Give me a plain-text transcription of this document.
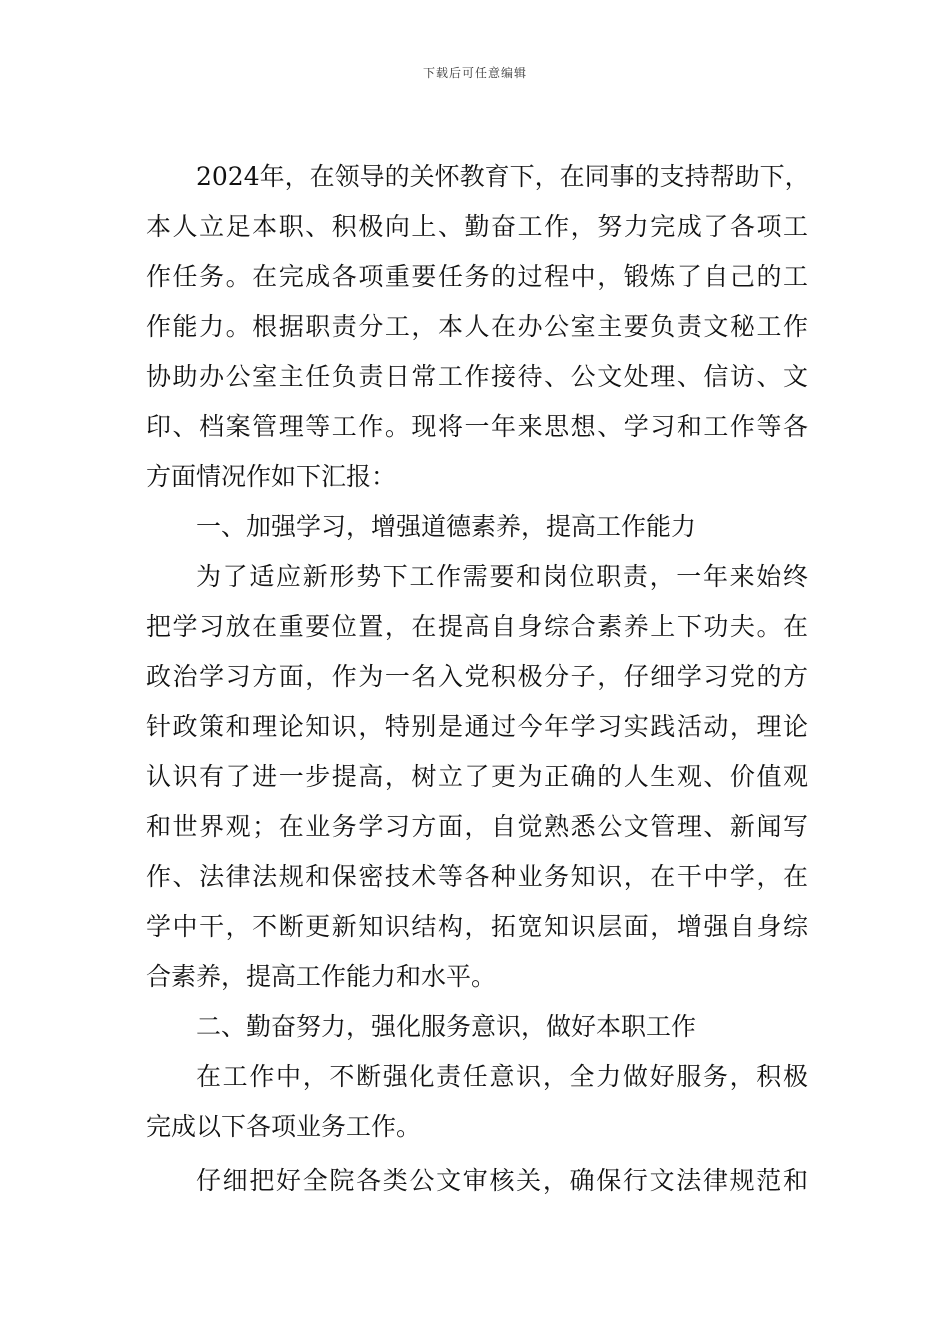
下载后可任意编辑
2024年，在领导的关怀教育下，在同事的支持帮助下，
本人立足本职、积极向上、勤奋工作，努力完成了各项工
作任务。在完成各项重要任务的过程中，锻炼了自己的工
作能力。根据职责分工，本人在办公室主要负责文秘工作
协助办公室主任负责日常工作接待、公文处理、信访、文
印、档案管理等工作。现将一年来思想、学习和工作等各
方面情况作如下汇报：
一、加强学习，增强道德素养，提高工作能力
为了适应新形势下工作需要和岗位职责，一年来始终
把学习放在重要位置，在提高自身综合素养上下功夫。在
政治学习方面，作为一名入党积极分子，仔细学习党的方
针政策和理论知识，特别是通过今年学习实践活动，理论
认识有了进一步提高，树立了更为正确的人生观、价值观
和世界观；在业务学习方面，自觉熟悉公文管理、新闻写
作、法律法规和保密技术等各种业务知识，在干中学，在
学中干，不断更新知识结构，拓宽知识层面，增强自身综
合素养，提高工作能力和水平。
二、勤奋努力，强化服务意识，做好本职工作
在工作中，不断强化责任意识，全力做好服务，积极
完成以下各项业务工作。
仔细把好全院各类公文审核关，确保行文法律规范和
